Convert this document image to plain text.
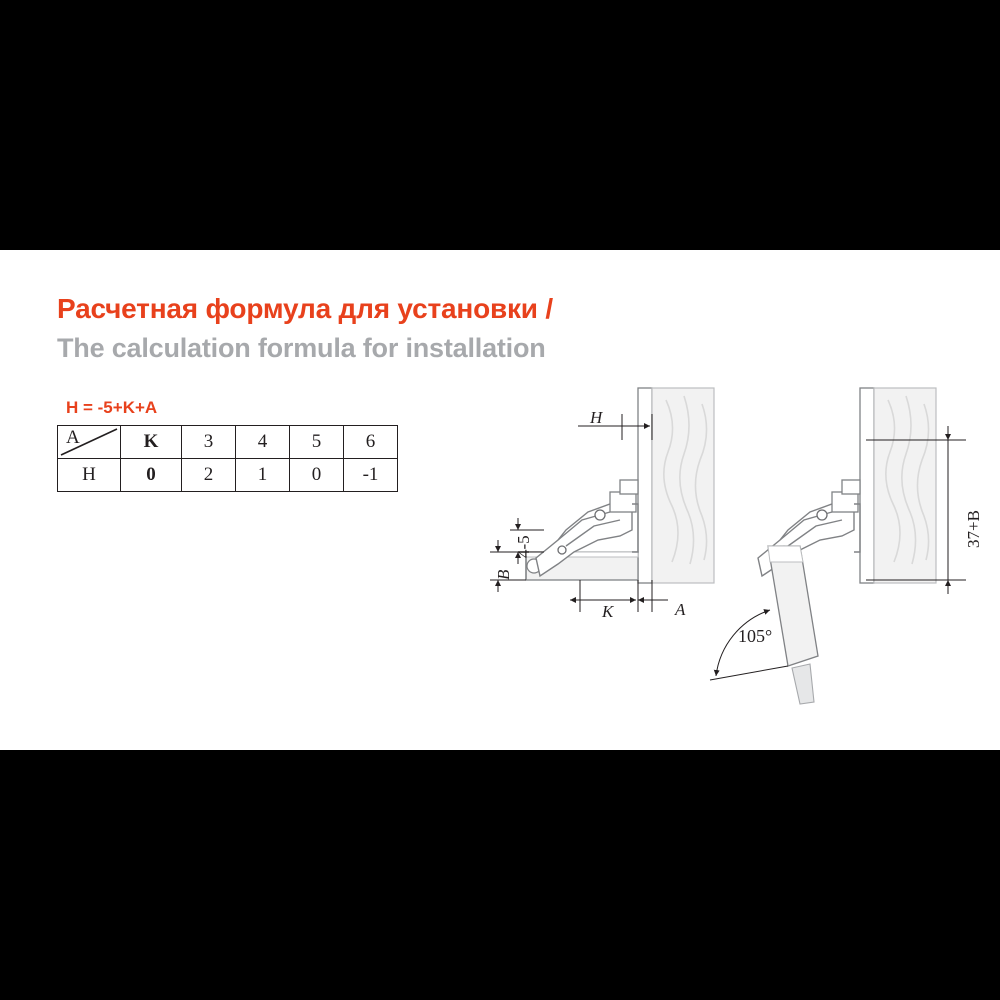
Расчетная формула для установки /
The calculation formula for installation
H = -5+K+A
A	K	3	4	5	6
H	0	2	1	0	-1
H
4-5
B
K	A
37+B
105°
